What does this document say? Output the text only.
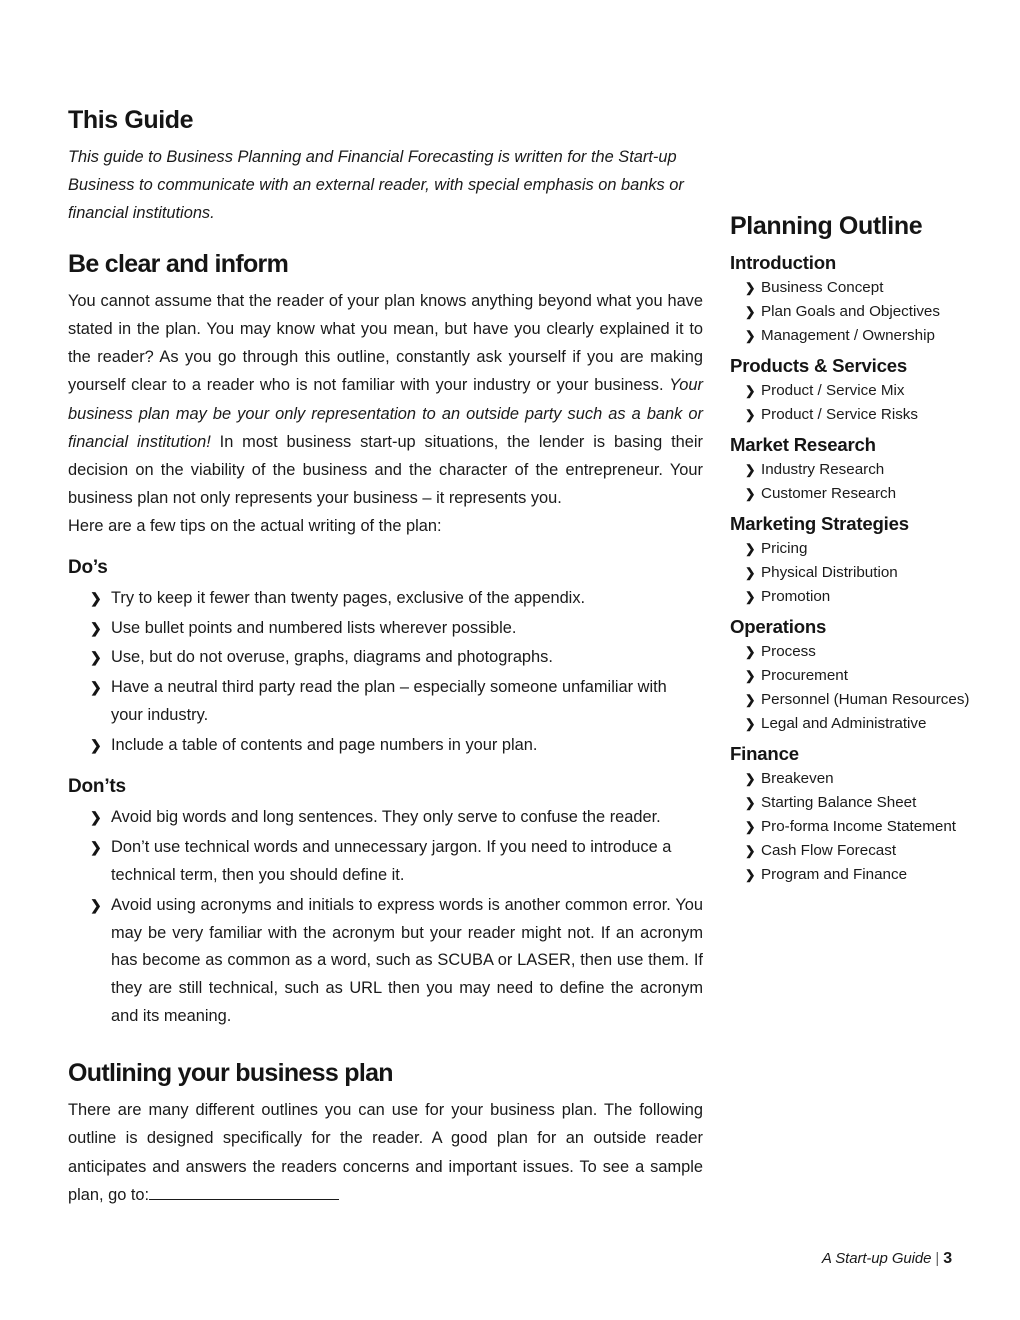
This Guide

This guide to Business Planning and Financial Forecasting is written for the Start-up Business to communicate with an external reader, with special emphasis on banks or financial institutions.

Be clear and inform

You cannot assume that the reader of your plan knows anything beyond what you have stated in the plan. You may know what you mean, but have you clearly explained it to the reader? As you go through this outline, constantly ask yourself if you are making yourself clear to a reader who is not familiar with your industry or your business. Your business plan may be your only representation to an outside party such as a bank or financial institution! In most business start-up situations, the lender is basing their decision on the viability of the business and the character of the entrepreneur. Your business plan not only represents your business – it represents you.

Here are a few tips on the actual writing of the plan:

Do’s
❯ Try to keep it fewer than twenty pages, exclusive of the appendix.
❯ Use bullet points and numbered lists wherever possible.
❯ Use, but do not overuse, graphs, diagrams and photographs.
❯ Have a neutral third party read the plan – especially someone unfamiliar with your industry.
❯ Include a table of contents and page numbers in your plan.
Don’ts
❯ Avoid big words and long sentences. They only serve to confuse the reader.
❯ Don’t use technical words and unnecessary jargon. If you need to introduce a technical term, then you should define it.
❯ Avoid using acronyms and initials to express words is another common error. You may be very familiar with the acronym but your reader might not. If an acronym has become as common as a word, such as SCUBA or LASER, then use them. If they are still technical, such as URL then you may need to define the acronym and its meaning.
Outlining your business plan

There are many different outlines you can use for your business plan. The following outline is designed specifically for the reader. A good plan for an outside reader anticipates and answers the readers concerns and important issues. To see a sample plan, go to:

Planning Outline
Introduction
❯ Business Concept
❯ Plan Goals and Objectives
❯ Management / Ownership
Products & Services
❯ Product / Service Mix
❯ Product / Service Risks
Market Research
❯ Industry Research
❯ Customer Research
Marketing Strategies
❯ Pricing
❯ Physical Distribution
❯ Promotion
Operations
❯ Process
❯ Procurement
❯ Personnel (Human Resources)
❯ Legal and Administrative
Finance
❯ Breakeven
❯ Starting Balance Sheet
❯ Pro-forma Income Statement
❯ Cash Flow Forecast
❯ Program and Finance
A Start-up Guide | 3
